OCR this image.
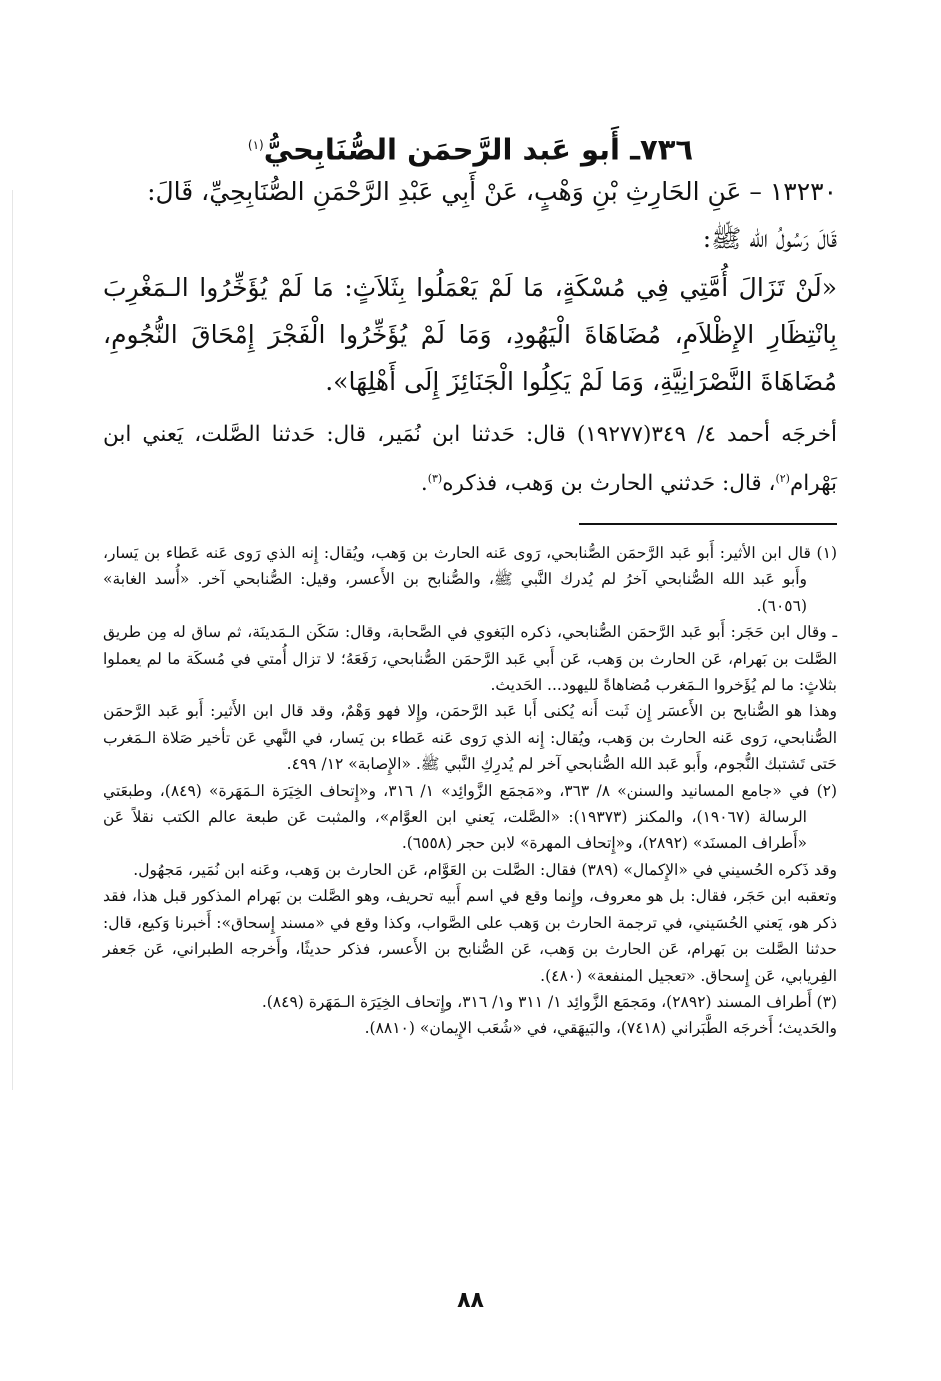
٧٣٦ـ أَبو عَبد الرَّحمَن الصُّنَابِحيُّ$^{(١)}$

١٣٢٣٠ – عَنِ الحَارِثِ بْنِ وَهْبٍ، عَنْ أَبِي عَبْدِ الرَّحْمَنِ الصُّنَابِحِيِّ، قَالَ:

قَالَ رَسُولُ الله ﷺ:

«لَنْ تَزَالَ أُمَّتِي فِي مُسْكَةٍ، مَا لَمْ يَعْمَلُوا بِثَلاَثٍ: مَا لَمْ يُؤَخِّرُوا الـمَغْرِبَ بِانْتِظَارِ الإِظْلاَمِ، مُضَاهَاةَ الْيَهُودِ، وَمَا لَمْ يُؤَخِّرُوا الْفَجْرَ إِمْحَاقَ النُّجُومِ، مُضَاهَاةَ النَّصْرَانِيَّةِ، وَمَا لَمْ يَكِلُوا الْجَنَائِزَ إِلَى أَهْلِهَا».

أخرجَه أحمد ٤/ ٣٤٩(١٩٢٧٧) قال: حَدثنا ابن نُمَير، قال: حَدثنا الصَّلت، يَعني ابن بَهْرام$^{(٢)}$، قال: حَدثني الحارث بن وَهب، فذكره$^{(٣)}$.

(١) قال ابن الأثير: أَبو عَبد الرَّحمَن الصُّنابحي، رَوى عَنه الحارث بن وَهب، ويُقال: إِنه الذي رَوى عَنه عَطاء بن يَسار، وأَبو عَبد الله الصُّنابحي آخرُ لم يُدرك النَّبي ﷺ، والصُّنابح بن الأَعسر، وقيل: الصُّنابحي آخر. «أُسد الغابة» (٦٠٥٦).

ـ وقال ابن حَجَر: أَبو عَبد الرَّحمَن الصُّنابحي، ذكره البَغوي في الصَّحابة، وقال: سَكَن الـمَدينَة، ثم ساق له مِن طريق الصَّلت بن بَهرام، عَن الحارث بن وَهب، عَن أَبي عَبد الرَّحمَن الصُّنابحي، رَفَعَهُ؛ لا تزال أُمتي في مُسكَة ما لم يعملوا بثلاثٍ: ما لم يُؤَخروا الـمَغرب مُضاهاةً لليهود... الحَديث.

وهذا هو الصُّنابح بن الأَعسَر إِن ثَبت أَنه يُكنى أَبا عَبد الرَّحمَن، وإِلا فهو وَهْمٌ، وقد قال ابن الأَثير: أَبو عَبد الرَّحمَن الصُّنابحي، رَوى عَنه الحارث بن وَهب، ويُقال: إِنه الذي رَوى عَنه عَطاء بن يَسار، في النَّهي عَن تأخير صَلاة الـمَغرب حَتى تَشتبك النُّجوم، وأَبو عَبد الله الصُّنابحي آخر لم يُدرِكِ النَّبي ﷺ. «الإِصابة» ١٢/ ٤٩٩.

(٢) في «جامع المسانيد والسنن» ٨/ ٣٦٣، و«مَجمَع الزَّوائِد» ١/ ٣١٦، و«إِتحاف الخِيَرَة الـمَهَرة» (٨٤٩)، وطبعَتي الرسالة (١٩٠٦٧)، والمكنز (١٩٣٧٣): «الصَّلت، يَعني ابن العوَّام»، والمثبت عَن طبعة عالم الكتب نقلاً عَن «أَطراف المسنَد» (٢٨٩٢)، و«إِتحاف المهرة» لابن حجر (٦٥٥٨).

وقد ذَكره الحُسيني في «الإِكمال» (٣٨٩) فقال: الصَّلت بن العَوَّام، عَن الحارث بن وَهب، وعَنه ابن نُمَير، مَجهُول.

وتعقبه ابن حَجَر، فقال: بل هو معروف، وإِنما وقع في اسم أَبيه تحريف، وهو الصَّلت بن بَهرام المذكور قبل هذا، فقد ذكر هو، يَعني الحُسَيني، في ترجمة الحارث بن وَهب على الصَّواب، وكذا وقع في «مسند إِسحاق»: أَخبرنا وَكيع، قال: حدثنا الصَّلت بن بَهرام، عَن الحارث بن وَهب، عَن الصُّنابح بن الأَعسر، فذكر حديثًا، وأَخرجه الطبراني، عَن جَعفر الفِريابي، عَن إِسحاق. «تعجيل المنفعة» (٤٨٠).

(٣) أَطراف المسند (٢٨٩٢)، ومَجمَع الزَّوائِد ١/ ٣١١ و١/ ٣١٦، وإِتحاف الخِيَرَة الـمَهَرة (٨٤٩).

والحَديث؛ أَخرجَه الطَّبَراني (٧٤١٨)، والبَيهَقي، في «شُعَب الإِيمان» (٨٨١٠).

٨٨
